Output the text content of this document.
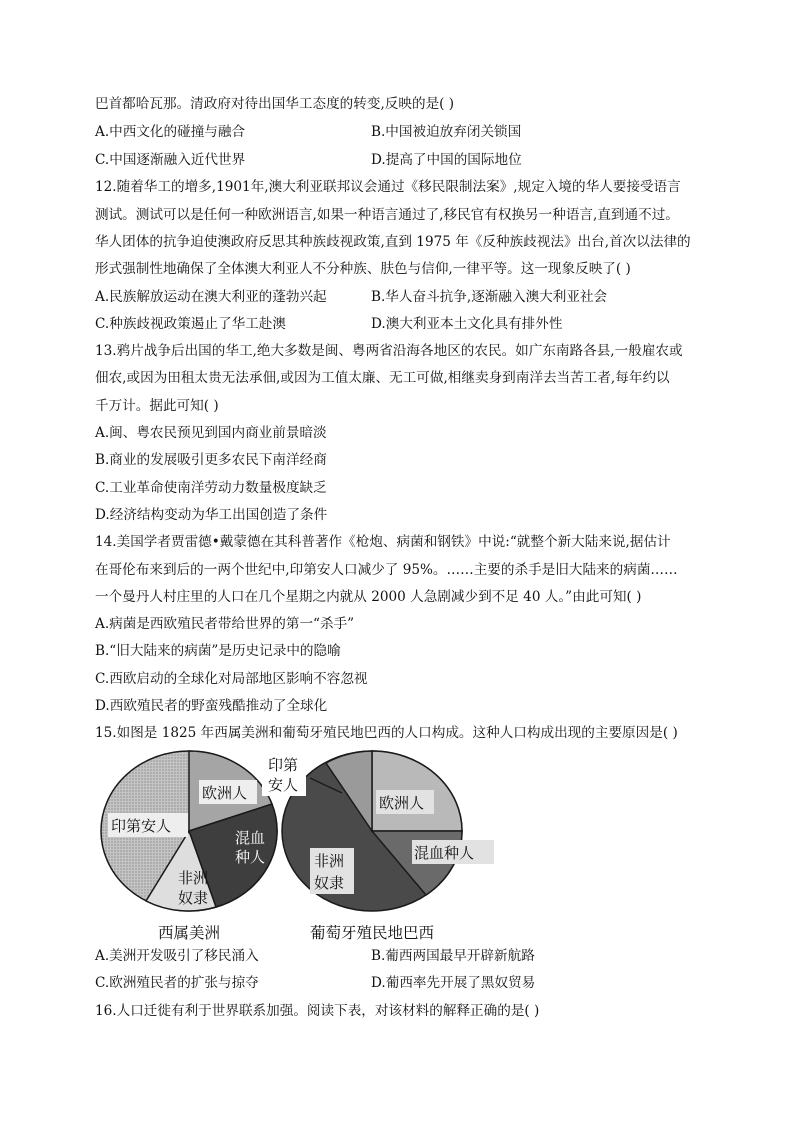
巴首都哈瓦那。清政府对待出国华工态度的转变,反映的是( )
A.中西文化的碰撞与融合	B.中国被迫放弃闭关锁国
C.中国逐渐融入近代世界	D.提高了中国的国际地位
12.随着华工的增多,1901年,澳大利亚联邦议会通过《移民限制法案》,规定入境的华人要接受语言
测试。测试可以是任何一种欧洲语言,如果一种语言通过了,移民官有权换另一种语言,直到通不过。
华人团体的抗争迫使澳政府反思其种族歧视政策,直到 1975 年《反种族歧视法》出台,首次以法律的
形式强制性地确保了全体澳大利亚人不分种族、肤色与信仰,一律平等。这一现象反映了( )
A.民族解放运动在澳大利亚的蓬勃兴起	B.华人奋斗抗争,逐渐融入澳大利亚社会
C.种族歧视政策遏止了华工赴澳	D.澳大利亚本土文化具有排外性
13.鸦片战争后出国的华工,绝大多数是闽、粤两省沿海各地区的农民。如广东南路各县,一般雇农或
佃农,或因为田租太贵无法承佃,或因为工值太廉、无工可做,相继卖身到南洋去当苦工者,每年约以
千万计。据此可知( )
A.闽、粤农民预见到国内商业前景暗淡
B.商业的发展吸引更多农民下南洋经商
C.工业革命使南洋劳动力数量极度缺乏
D.经济结构变动为华工出国创造了条件
14.美国学者贾雷德•戴蒙德在其科普著作《枪炮、病菌和钢铁》中说:“就整个新大陆来说,据估计
在哥伦布来到后的一两个世纪中,印第安人口减少了 95%。……主要的杀手是旧大陆来的病菌……
一个曼丹人村庄里的人口在几个星期之内就从 2000 人急剧减少到不足 40 人。”由此可知( )
A.病菌是西欧殖民者带给世界的第一“杀手”
B.“旧大陆来的病菌”是历史记录中的隐喻
C.西欧启动的全球化对局部地区影响不容忽视
D.西欧殖民者的野蛮残酷推动了全球化
15.如图是 1825 年西属美洲和葡萄牙殖民地巴西的人口构成。这种人口构成出现的主要原因是( )
欧洲人
印第安人
混血
种人
非洲
奴隶
西属美洲
印第
安人
欧洲人
混血种人
非洲
奴隶
葡萄牙殖民地巴西
A.美洲开发吸引了移民涌入	B.葡西两国最早开辟新航路
C.欧洲殖民者的扩张与掠夺	D.葡西率先开展了黑奴贸易
16.人口迁徙有利于世界联系加强。阅读下表，对该材料的解释正确的是( )
